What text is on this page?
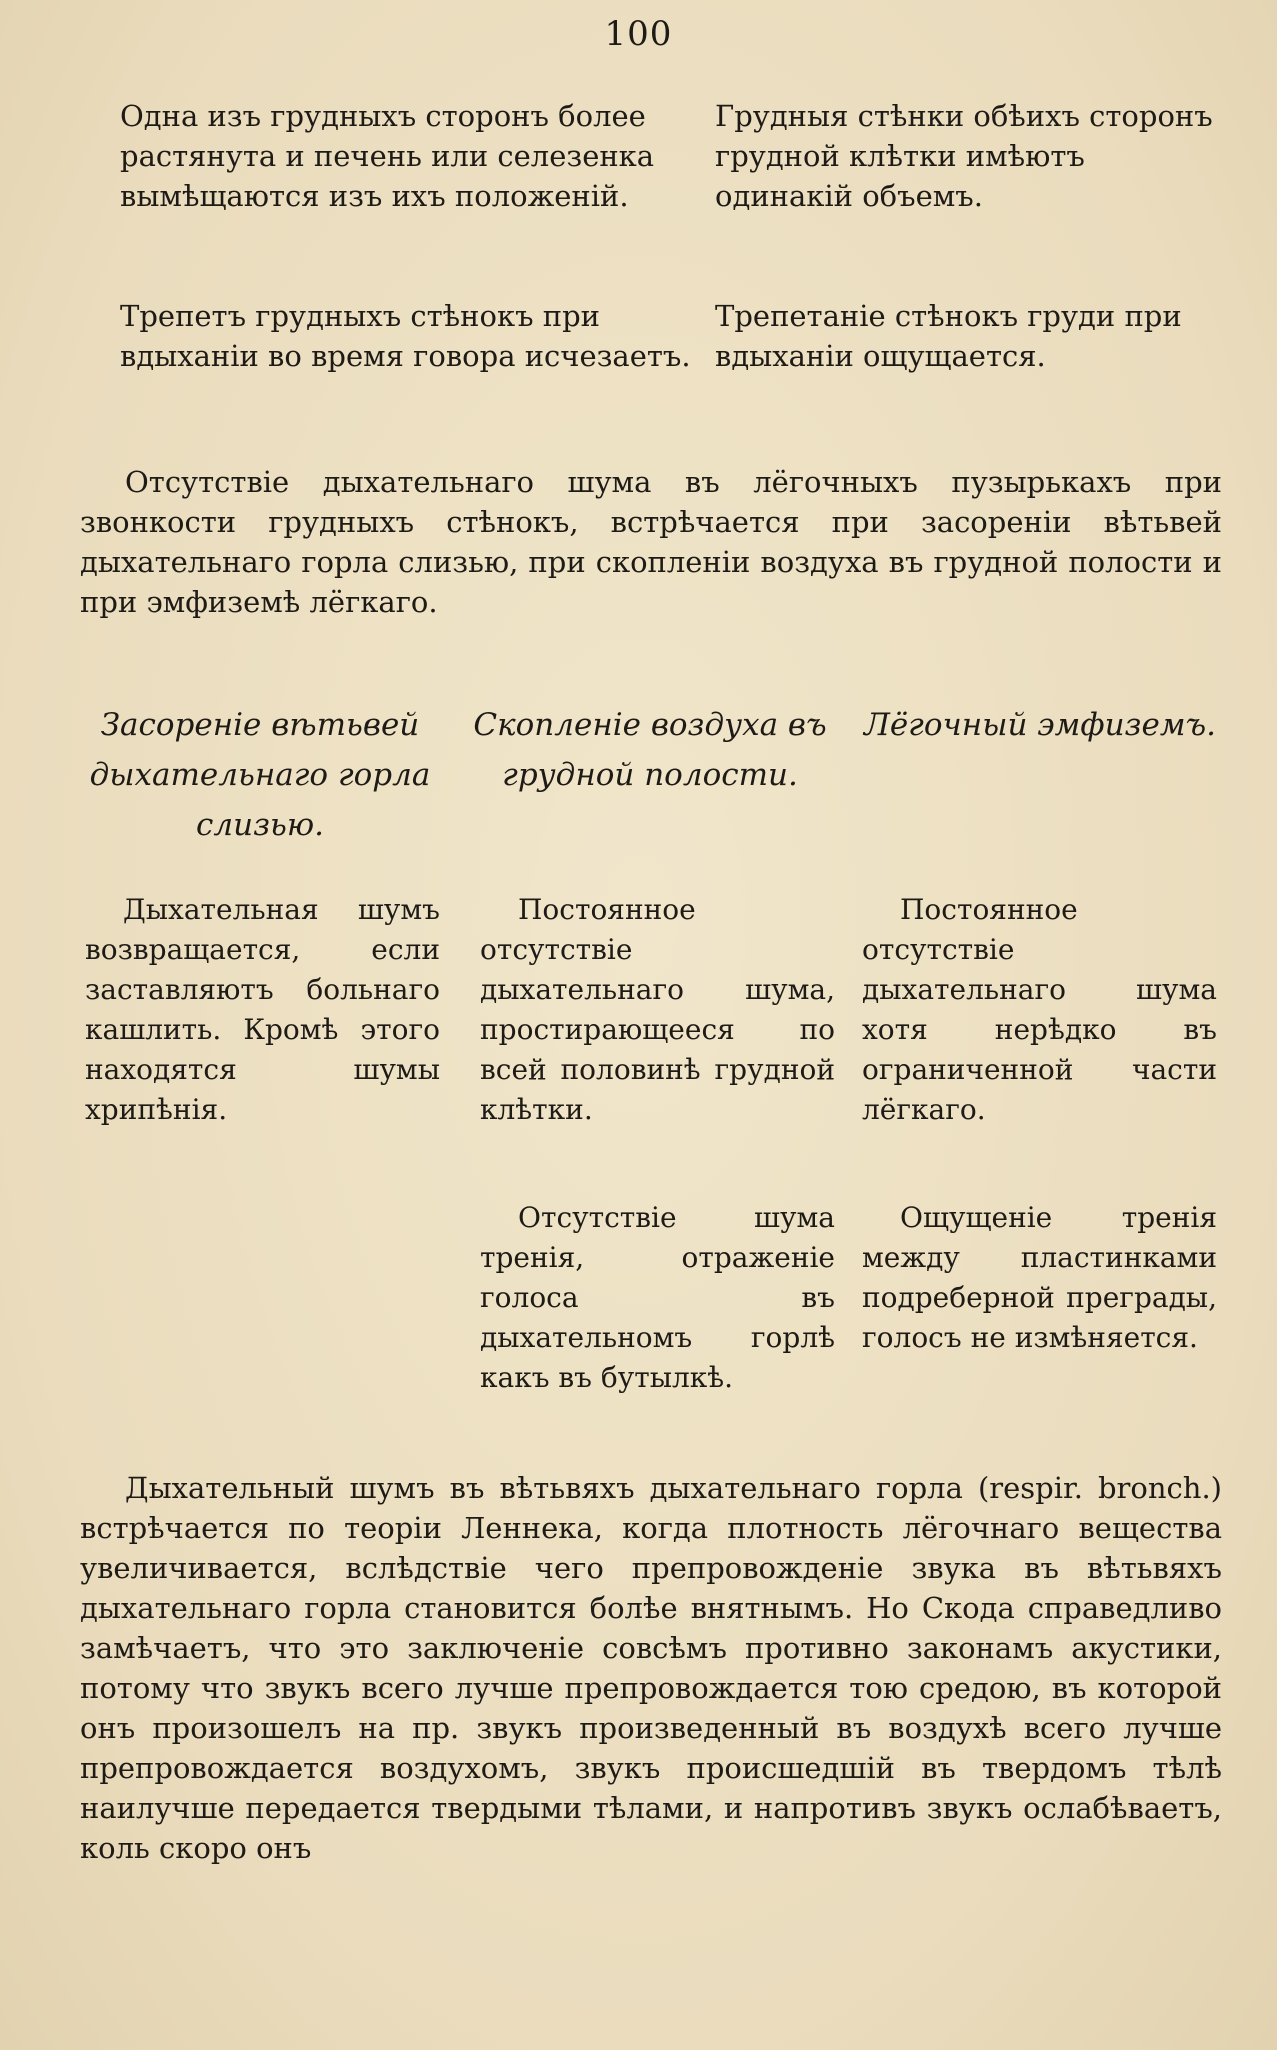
100
Одна изъ грудныхъ сторонъ более растянута и печень или селезенка вымѣщаются изъ ихъ положенiй.
Грудныя стѣнки обѣихъ сторонъ грудной клѣтки имѣютъ одинакiй объемъ.
Трепетъ грудныхъ стѣнокъ при вдыханiи во время говора исчезаетъ.
Трепетанiе стѣнокъ груди при вдыханiи ощущается.

Отсутствiе дыхательнаго шума въ лёгочныхъ пузырькахъ при звонкости грудныхъ стѣнокъ, встрѣчается при засоренiи вѣтьвей дыхательнаго горла слизью, при скопленiи воздуха въ грудной полости и при эмфиземѣ лёгкаго.

Засоренiе вѣтьвей дыхательнаго горла слизью.
Скопленiе воздуха въ грудной полости.
Лёгочный эмфиземъ.
Дыхательная шумъ возвращается, если заставляютъ больнаго кашлить. Кромѣ этого находятся шумы хрипѣнiя.
Постоянное отсутствiе дыхательнаго шума, простирающееся по всей половинѣ грудной клѣтки.
Постоянное отсутствiе дыхательнаго шума хотя нерѣдко въ ограниченной части лёгкаго.
Отсутствiе шума тренiя, отраженiе голоса въ дыхательномъ горлѣ какъ въ бутылкѣ.
Ощущенiе тренiя между пластинками подреберной преграды, голосъ не измѣняется.

Дыхательный шумъ въ вѣтьвяхъ дыхательнаго горла (respir. bronch.) встрѣчается по теорiи Леннека, когда плотность лёгочнаго вещества увеличивается, вслѣдствiе чего препровожденiе звука въ вѣтьвяхъ дыхательнаго горла становится болѣе внятнымъ. Но Скода справедливо замѣчаетъ, что это заключенiе совсѣмъ противно законамъ акустики, потому что звукъ всего лучше препровождается тою средою, въ которой онъ произошелъ на пр. звукъ произведенный въ воздухѣ всего лучше препровождается воздухомъ, звукъ происшедшiй въ твердомъ тѣлѣ наилучше передается твердыми тѣлами, и напротивъ звукъ ослабѣваетъ, коль скоро онъ
